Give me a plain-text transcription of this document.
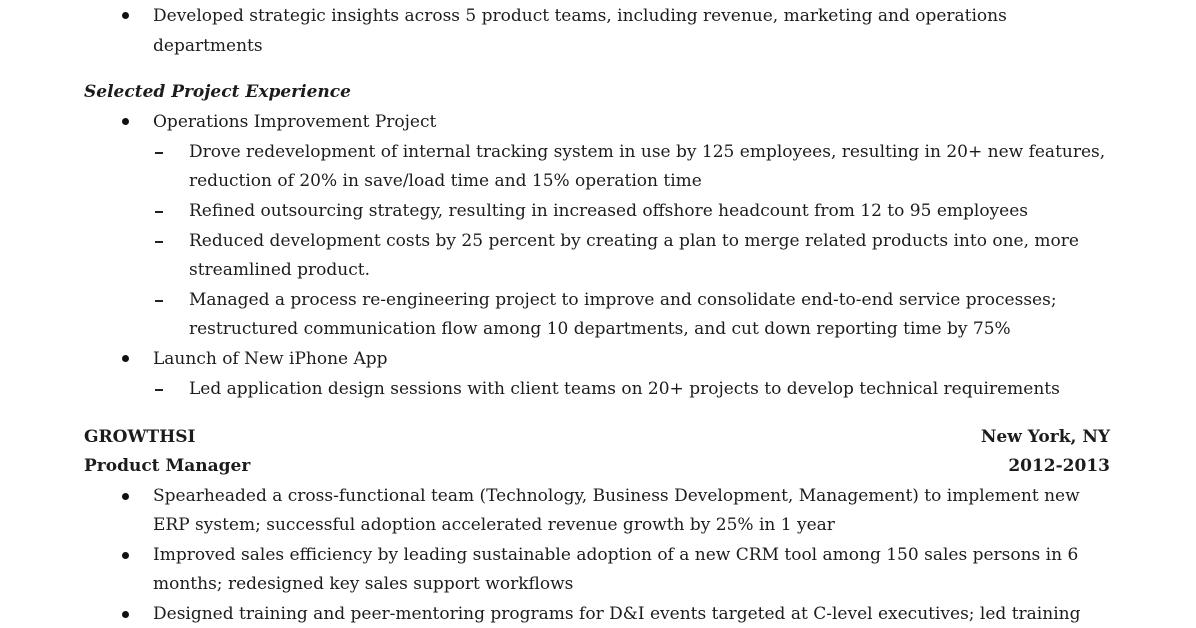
Developed strategic insights across 5 product teams, including revenue, marketing and operations
departments
Selected Project Experience
Operations Improvement Project
Drove redevelopment of internal tracking system in use by 125 employees, resulting in 20+ new features,
reduction of 20% in save/load time and 15% operation time
Refined outsourcing strategy, resulting in increased offshore headcount from 12 to 95 employees
Reduced development costs by 25 percent by creating a plan to merge related products into one, more
streamlined product.
Managed a process re-engineering project to improve and consolidate end-to-end service processes;
restructured communication flow among 10 departments, and cut down reporting time by 75%
Launch of New iPhone App
Led application design sessions with client teams on 20+ projects to develop technical requirements
GROWTHSI	New York, NY
Product Manager	2012-2013
Spearheaded a cross-functional team (Technology, Business Development, Management) to implement new
ERP system; successful adoption accelerated revenue growth by 25% in 1 year
Improved sales efficiency by leading sustainable adoption of a new CRM tool among 150 sales persons in 6
months; redesigned key sales support workflows
Designed training and peer-mentoring programs for D&I events targeted at C-level executives; led training
